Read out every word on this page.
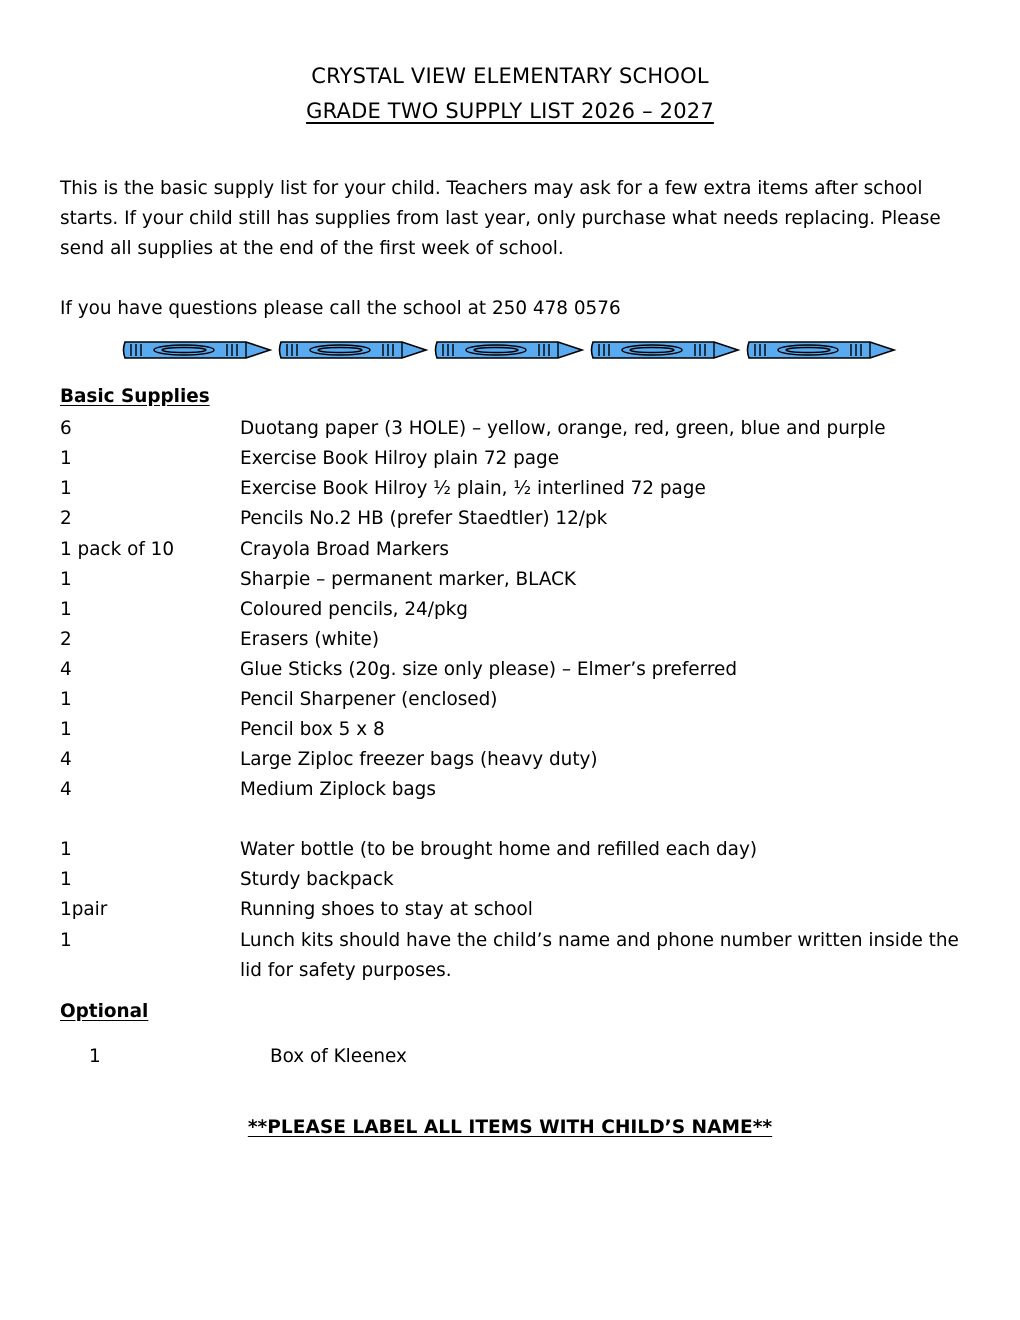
CRYSTAL VIEW ELEMENTARY SCHOOL
GRADE TWO SUPPLY LIST 2026 – 2027
This is the basic supply list for your child. Teachers may ask for a few extra items after school starts. If your child still has supplies from last year, only purchase what needs replacing. Please send all supplies at the end of the first week of school.
If you have questions please call the school at 250 478 0576
Basic Supplies
6	Duotang paper (3 HOLE) – yellow, orange, red, green, blue and purple
1	Exercise Book Hilroy plain 72 page
1	Exercise Book Hilroy ½ plain, ½ interlined 72 page
2	Pencils No.2 HB (prefer Staedtler) 12/pk
1 pack of 10	Crayola Broad Markers
1	Sharpie – permanent marker, BLACK
1	Coloured pencils, 24/pkg
2	Erasers (white)
4	Glue Sticks (20g. size only please) – Elmer’s preferred
1	Pencil Sharpener (enclosed)
1	Pencil box 5 x 8
4	Large Ziploc freezer bags (heavy duty)
4	Medium Ziplock bags
1	Water bottle (to be brought home and refilled each day)
1	Sturdy backpack
1pair	Running shoes to stay at school
1	Lunch kits should have the child’s name and phone number written inside the lid for safety purposes.
Optional
1	Box of Kleenex
**PLEASE LABEL ALL ITEMS WITH CHILD’S NAME**
